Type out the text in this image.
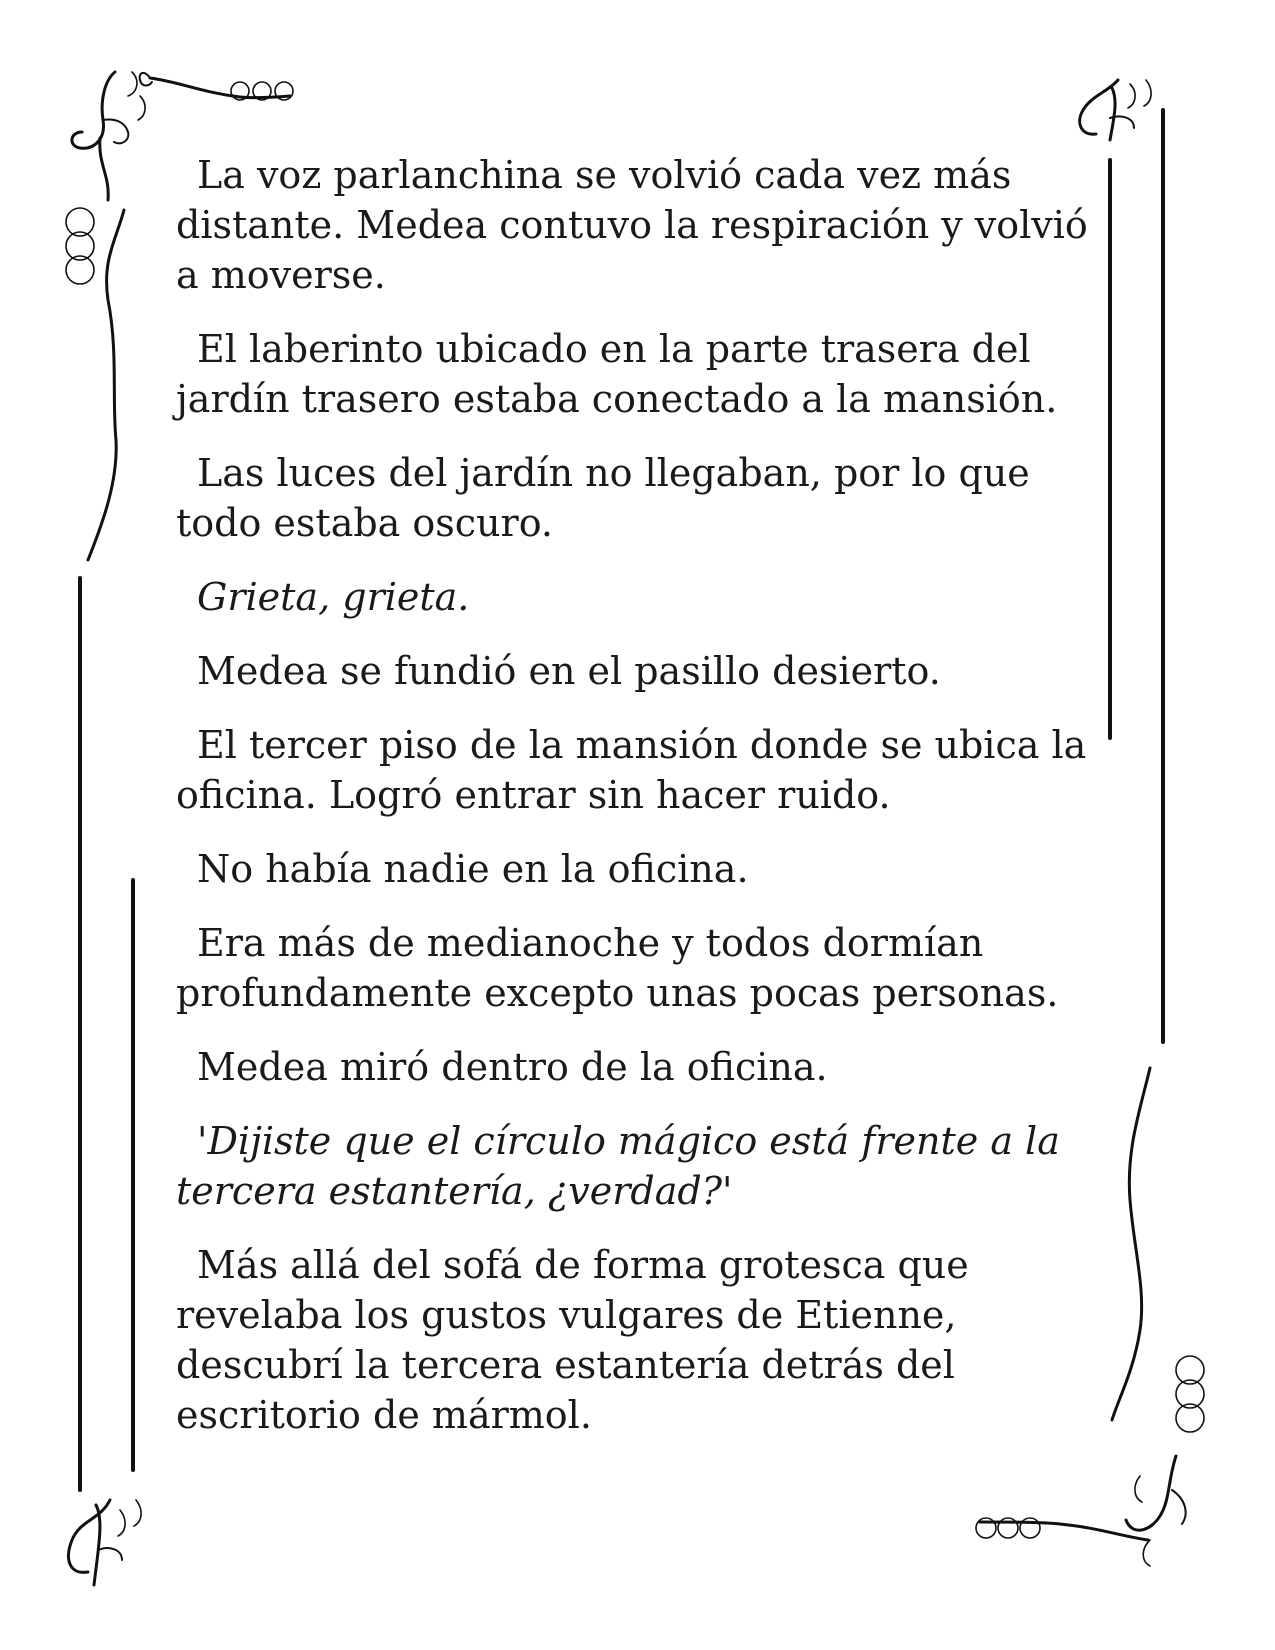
La voz parlanchina se volvió cada vez más distante. Medea contuvo la respiración y volvió a moverse.

El laberinto ubicado en la parte trasera del jardín trasero estaba conectado a la mansión.

Las luces del jardín no llegaban, por lo que todo estaba oscuro.

Grieta, grieta.

Medea se fundió en el pasillo desierto.

El tercer piso de la mansión donde se ubica la oficina. Logró entrar sin hacer ruido.

No había nadie en la oficina.

Era más de medianoche y todos dormían profundamente excepto unas pocas personas.

Medea miró dentro de la oficina.

'Dijiste que el círculo mágico está frente a la tercera estantería, ¿verdad?'

Más allá del sofá de forma grotesca que revelaba los gustos vulgares de Etienne, descubrí la tercera estantería detrás del escritorio de mármol.
